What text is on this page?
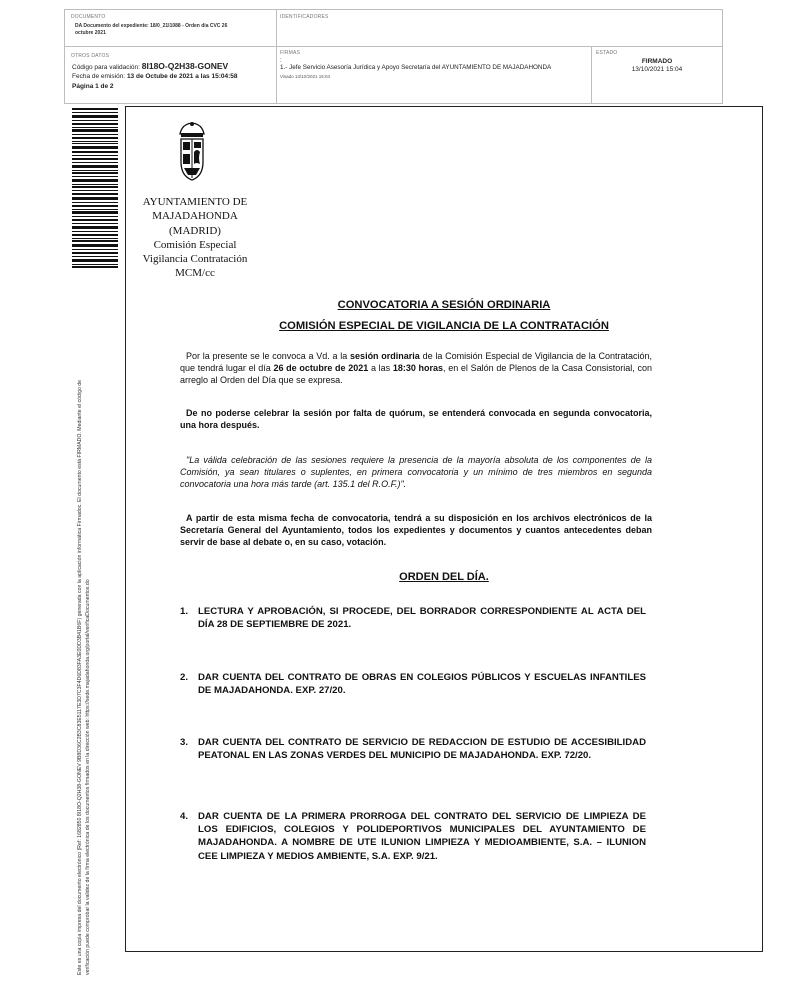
DOCUMENTO
DA Documento del expediente: 18/0_21I1088 - Orden dia CVC 26 octubre 2021
IDENTIFICADORES
OTROS DATOS
Código para validación: 8I18O-Q2H38-GONEV
Fecha de emisión: 13 de Octube de 2021 a las 15:04:58
Página 1 de 2
FIRMAS
:
1.- Jefe Servicio Asesoría Jurídica y Apoyo Secretaría del AYUNTAMIENTO DE MAJADAHONDA
Visado 13/10/2021 15:04
ESTADO
FIRMADO
13/10/2021 15:04
Este es una copia impresa del documento electrónico (Ref: 1682850 8I18O-Q2H38-GONEV 9B8D36C2B3C83E5117E3D7C3F4D6D83FA3E0DD3B41B6F) generada con la aplicación informática Firmadoc. El documento está FIRMADO. Mediante el código de verificación puede comprobar la validez de la firma electrónica de los documentos firmados en la dirección web: https://sede.majadahonda.org/portal/verificaDocumentos.do
AYUNTAMIENTO DE
MAJADAHONDA
(MADRID)
Comisión Especial
Vigilancia Contratación
MCM/cc
CONVOCATORIA A SESIÓN ORDINARIA
COMISIÓN ESPECIAL DE VIGILANCIA DE LA CONTRATACIÓN
Por la presente se le convoca a Vd. a la sesión ordinaria de la Comisión Especial de Vigilancia de la Contratación, que tendrá lugar el día 26 de octubre de 2021 a las 18:30 horas, en el Salón de Plenos de la Casa Consistorial, con arreglo al Orden del Día que se expresa.
De no poderse celebrar la sesión por falta de quórum, se entenderá convocada en segunda convocatoria, una hora después.
"La válida celebración de las sesiones requiere la presencia de la mayoría absoluta de los componentes de la Comisión, ya sean titulares o suplentes, en primera convocatoria y un mínimo de tres miembros en segunda convocatoria una hora más tarde (art. 135.1 del R.O.F.)".
A partir de esta misma fecha de convocatoria, tendrá a su disposición en los archivos electrónicos de la Secretaría General del Ayuntamiento, todos los expedientes y documentos y cuantos antecedentes deban servir de base al debate o, en su caso, votación.
ORDEN DEL DÍA.
1. LECTURA Y APROBACIÓN, SI PROCEDE, DEL BORRADOR CORRESPONDIENTE AL ACTA DEL DÍA 28 DE SEPTIEMBRE DE 2021.
2. DAR CUENTA DEL CONTRATO DE OBRAS EN COLEGIOS PÚBLICOS Y ESCUELAS INFANTILES DE MAJADAHONDA. EXP. 27/20.
3. DAR CUENTA DEL CONTRATO DE SERVICIO DE REDACCION DE ESTUDIO DE ACCESIBILIDAD PEATONAL EN LAS ZONAS VERDES DEL MUNICIPIO DE MAJADAHONDA. EXP. 72/20.
4. DAR CUENTA DE LA PRIMERA PRORROGA DEL CONTRATO DEL SERVICIO DE LIMPIEZA DE LOS EDIFICIOS, COLEGIOS Y POLIDEPORTIVOS MUNICIPALES DEL AYUNTAMIENTO DE MAJADAHONDA. A NOMBRE DE UTE ILUNION LIMPIEZA Y MEDIOAMBIENTE, S.A. – ILUNION CEE LIMPIEZA Y MEDIOS AMBIENTE, S.A. EXP. 9/21.
